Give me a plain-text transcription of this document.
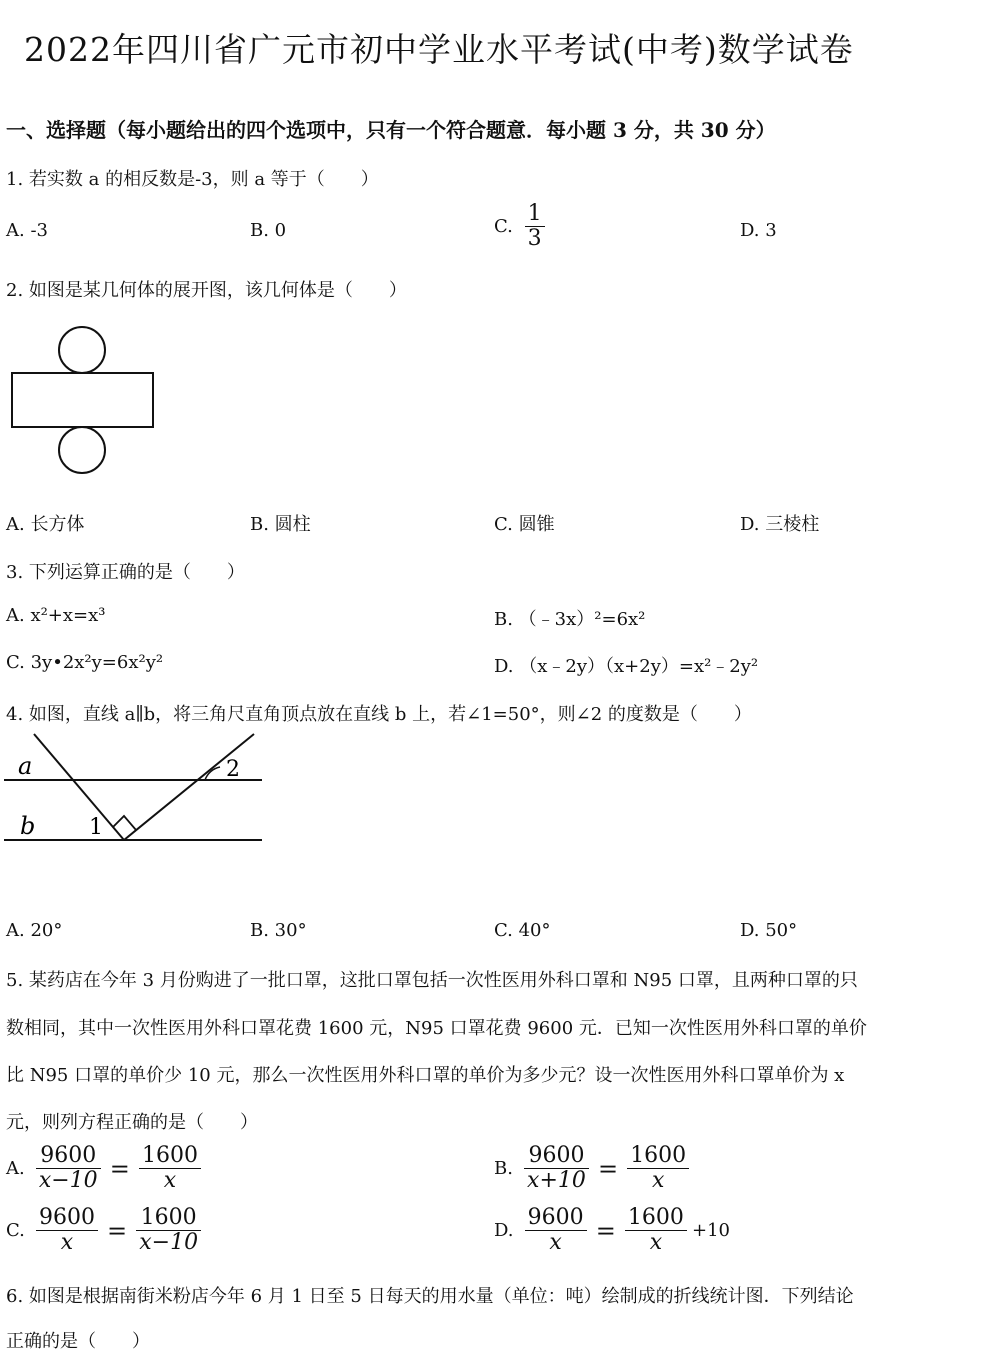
2022年四川省广元市初中学业水平考试(中考)数学试卷
一、选择题（每小题给出的四个选项中，只有一个符合题意．每小题 3 分，共 30 分）
1. 若实数 a 的相反数是-3，则 a 等于（　　）
A. -3	B. 0	C. $\frac{1}{3}$	D. 3
2. 如图是某几何体的展开图，该几何体是（　　）
A. 长方体	B. 圆柱	C. 圆锥	D. 三棱柱
3. 下列运算正确的是（　　）
A. x²+x=x³	B. （﹣3x）²=6x²
C. 3y•2x²y=6x²y²	D. （x﹣2y）（x+2y）=x²﹣2y²
4. 如图，直线 a∥b，将三角尺直角顶点放在直线 b 上，若∠1=50°，则∠2 的度数是（　　）
a
b 1
2
A. 20°	B. 30°	C. 40°	D. 50°
5. 某药店在今年 3 月份购进了一批口罩，这批口罩包括一次性医用外科口罩和 N95 口罩，且两种口罩的只
数相同，其中一次性医用外科口罩花费 1600 元，N95 口罩花费 9600 元．已知一次性医用外科口罩的单价
比 N95 口罩的单价少 10 元，那么一次性医用外科口罩的单价为多少元？设一次性医用外科口罩单价为 x
元，则列方程正确的是（　　）
A. $\frac{9600}{x-10} = \frac{1600}{x}$	B. $\frac{9600}{x+10} = \frac{1600}{x}$
C. $\frac{9600}{x} = \frac{1600}{x-10}$	D. $\frac{9600}{x} = \frac{1600}{x} +10$
6. 如图是根据南街米粉店今年 6 月 1 日至 5 日每天的用水量（单位：吨）绘制成的折线统计图．下列结论
正确的是（　　）
